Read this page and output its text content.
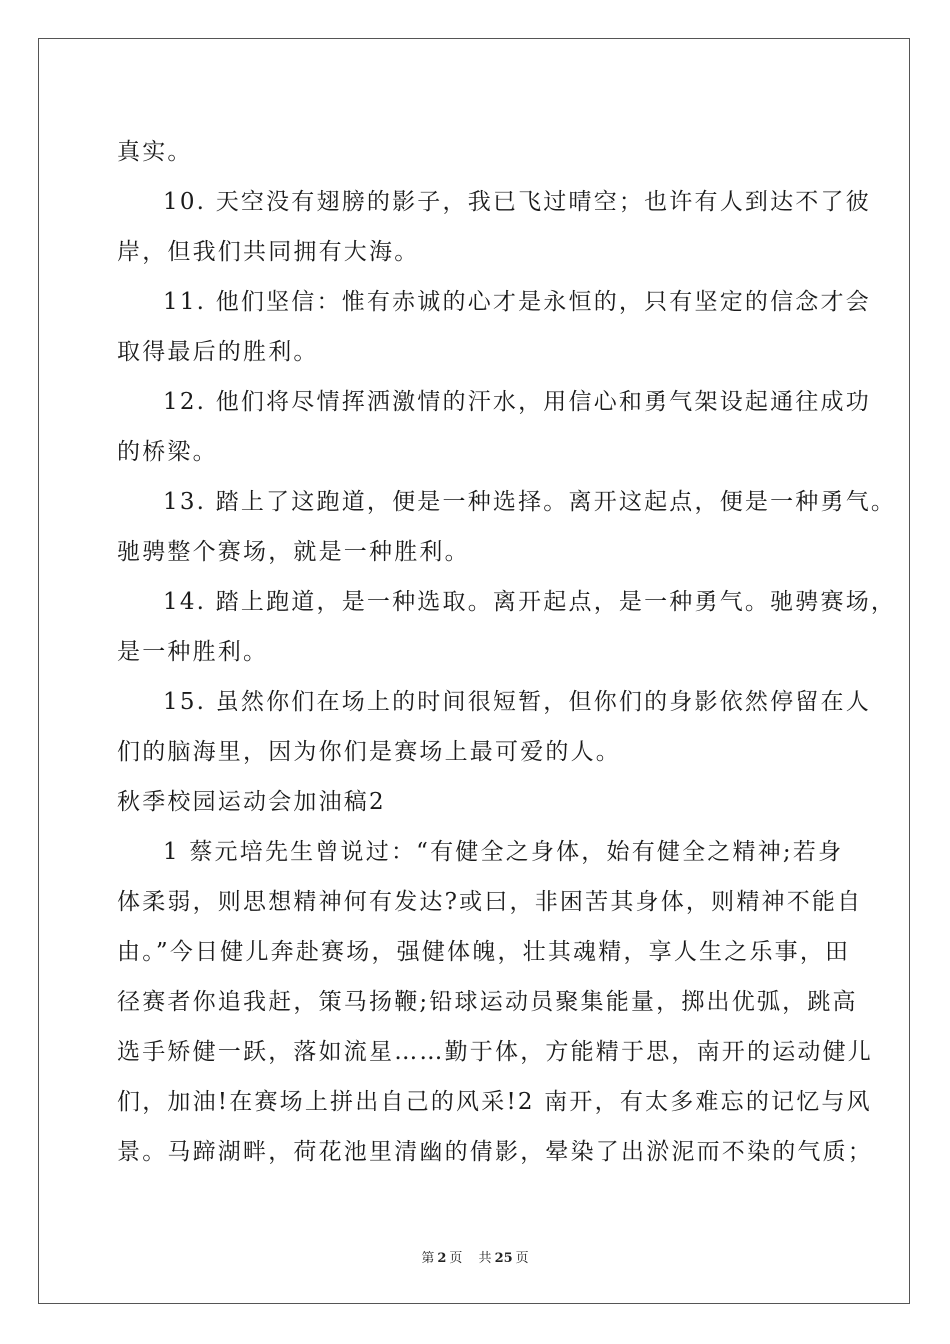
真实。
10. 天空没有翅膀的影子，我已飞过晴空；也许有人到达不了彼
岸，但我们共同拥有大海。
11. 他们坚信：惟有赤诚的心才是永恒的，只有坚定的信念才会
取得最后的胜利。
12. 他们将尽情挥洒激情的汗水，用信心和勇气架设起通往成功
的桥梁。
13. 踏上了这跑道，便是一种选择。离开这起点，便是一种勇气。
驰骋整个赛场，就是一种胜利。
14. 踏上跑道，是一种选取。离开起点，是一种勇气。驰骋赛场，
是一种胜利。
15. 虽然你们在场上的时间很短暂，但你们的身影依然停留在人
们的脑海里，因为你们是赛场上最可爱的人。
秋季校园运动会加油稿2
1 蔡元培先生曾说过：“有健全之身体，始有健全之精神;若身
体柔弱，则思想精神何有发达?或曰，非困苦其身体，则精神不能自
由。”今日健儿奔赴赛场，强健体魄，壮其魂精，享人生之乐事，田
径赛者你追我赶，策马扬鞭;铅球运动员聚集能量，掷出优弧，跳高
选手矫健一跃，落如流星……勤于体，方能精于思，南开的运动健儿
们，加油!在赛场上拼出自己的风采!2 南开，有太多难忘的记忆与风
景。马蹄湖畔，荷花池里清幽的倩影，晕染了出淤泥而不染的气质；
第 2 页 共 25 页
